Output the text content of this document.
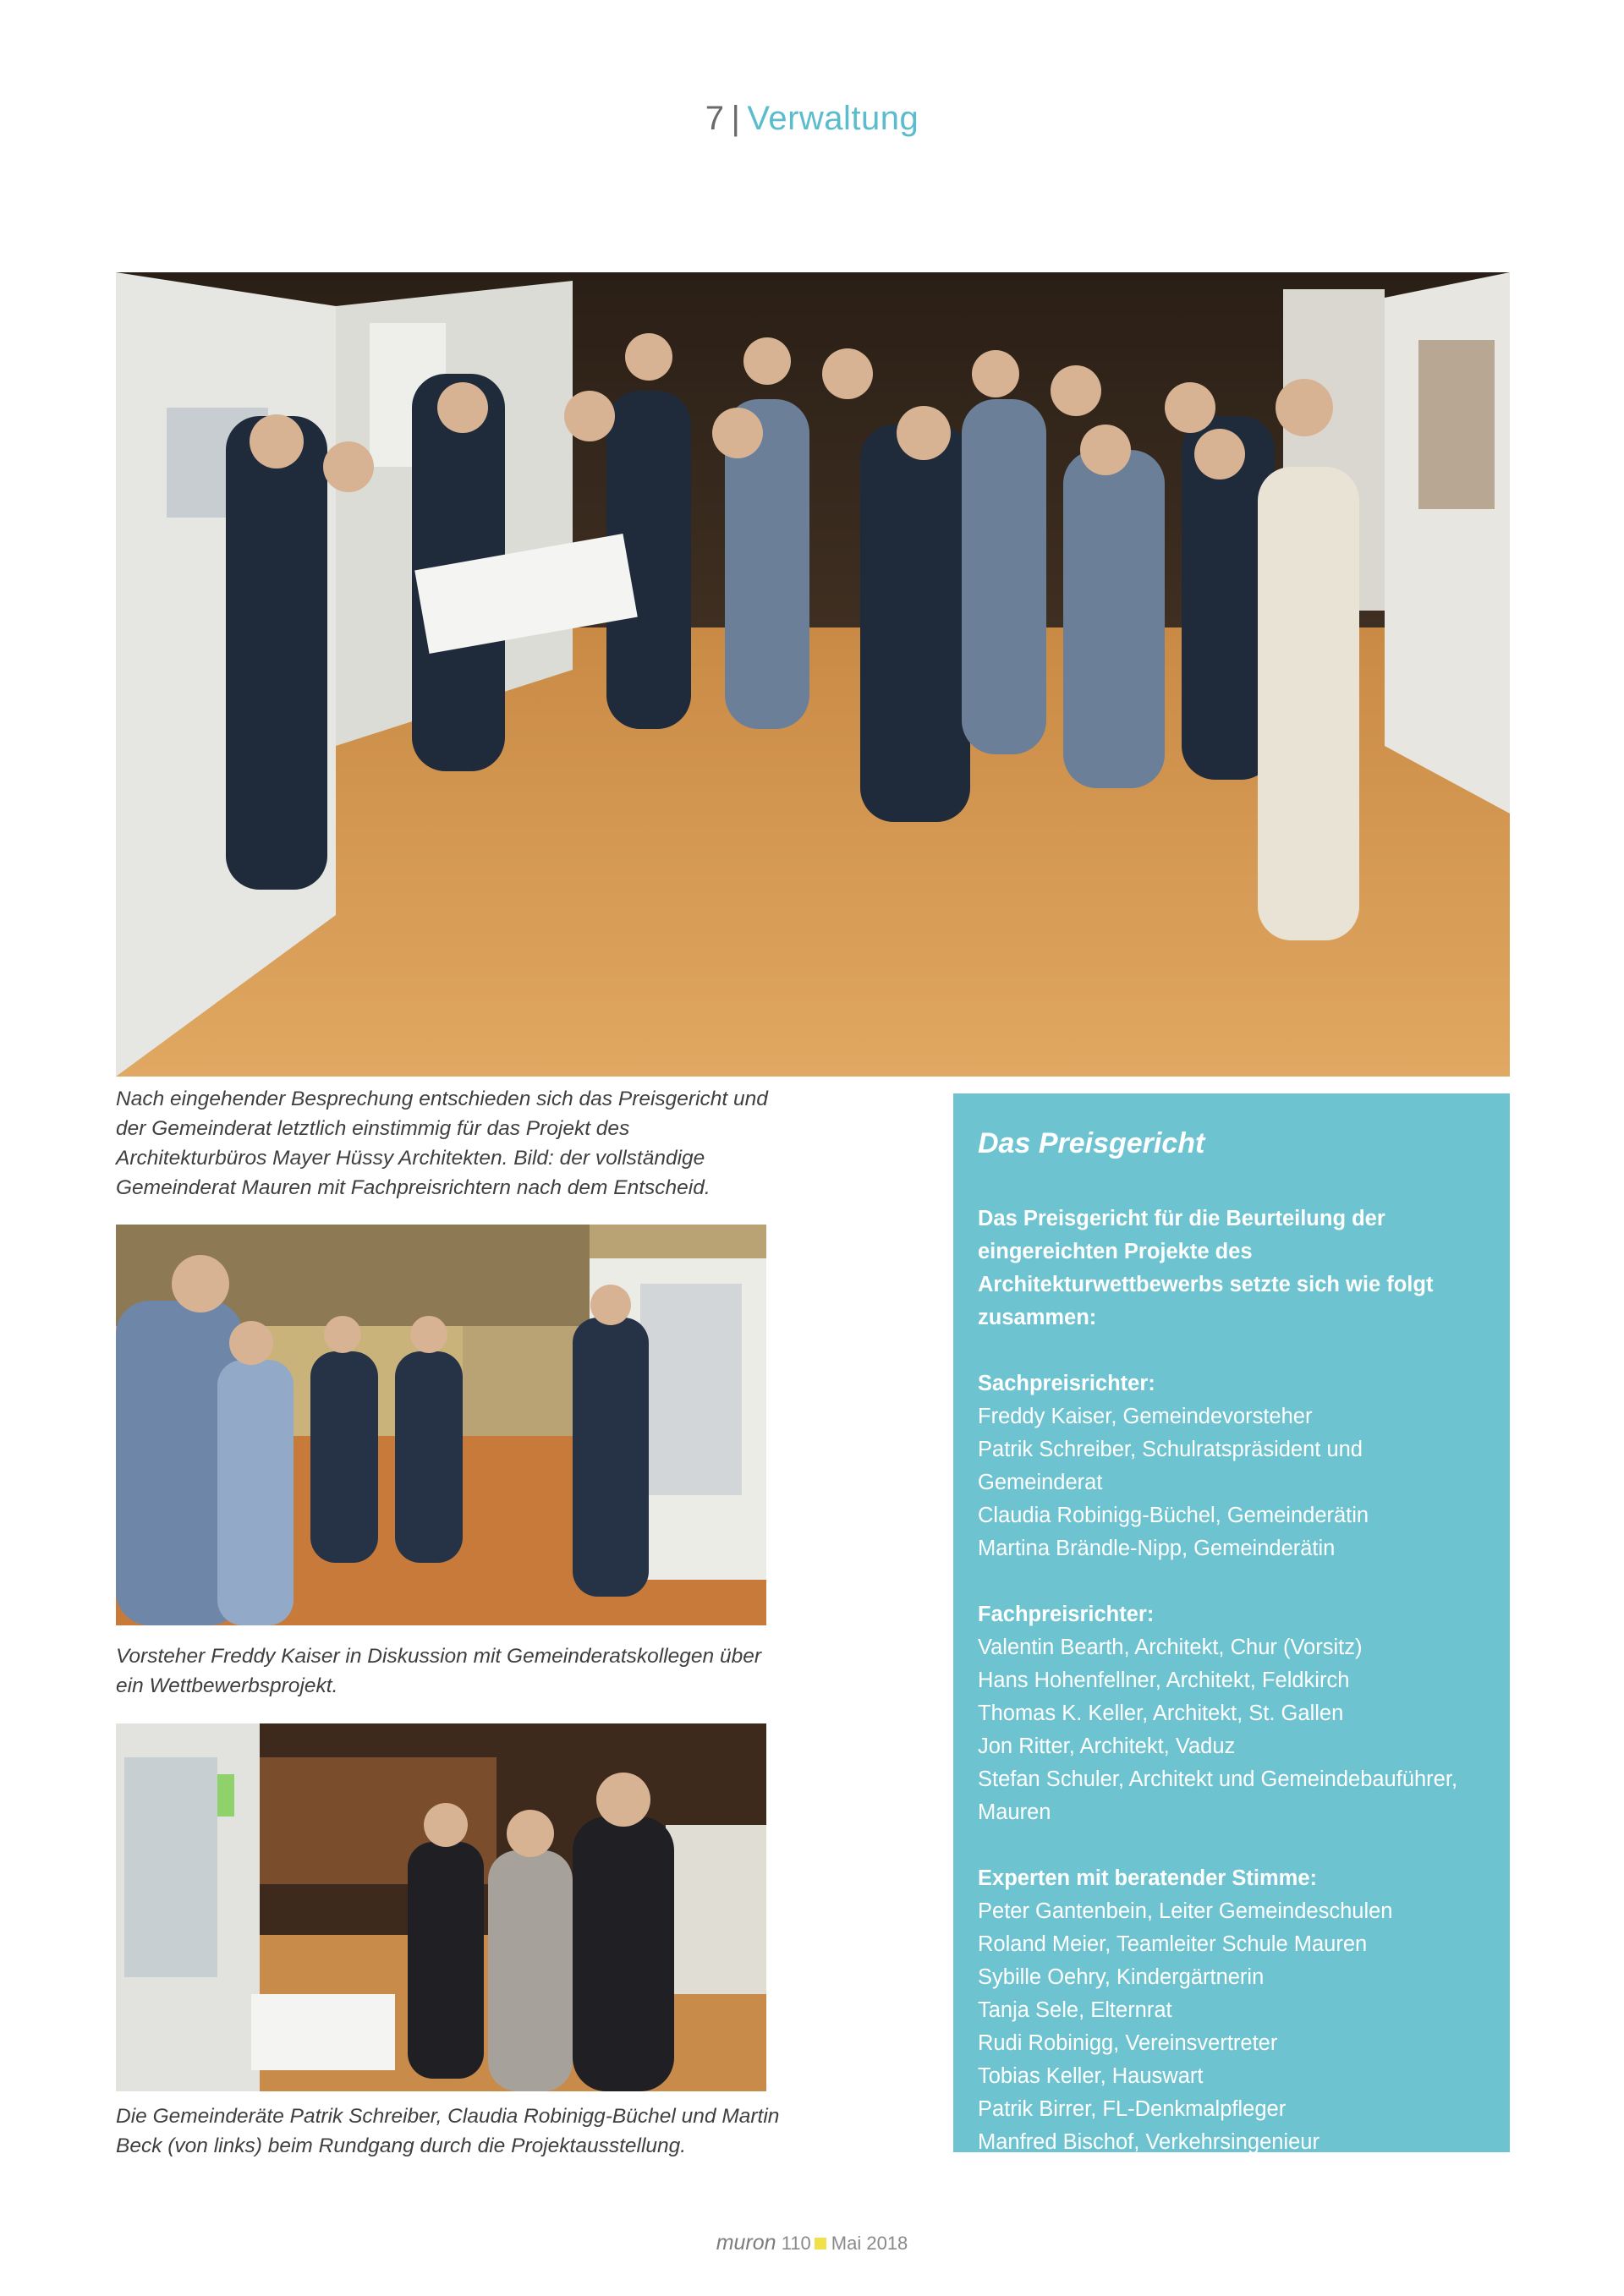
7 | Verwaltung

Nach eingehender Besprechung entschieden sich das Preisgericht und der Gemeinderat letztlich einstimmig für das Projekt des Architekturbüros Mayer Hüssy Architekten. Bild: der vollständige Gemeinderat Mauren mit Fachpreisrichtern nach dem Entscheid.

Vorsteher Freddy Kaiser in Diskussion mit Gemeinderatskollegen über ein Wettbewerbsprojekt.

Die Gemeinderäte Patrik Schreiber, Claudia Robinigg-Büchel und Martin Beck (von links) beim Rundgang durch die Projektausstellung.

Das Preisgericht

Das Preisgericht für die Beurteilung der eingereichten Projekte des Architekturwettbewerbs setzte sich wie folgt zusammen:

Sachpreisrichter:

Freddy Kaiser, Gemeindevorsteher
Patrik Schreiber, Schulratspräsident und Gemeinderat
Claudia Robinigg-Büchel, Gemeinderätin
Martina Brändle-Nipp, Gemeinderätin

Fachpreisrichter:

Valentin Bearth, Architekt, Chur (Vorsitz)
Hans Hohenfellner, Architekt, Feldkirch
Thomas K. Keller, Architekt, St. Gallen
Jon Ritter, Architekt, Vaduz
Stefan Schuler, Architekt und Gemeindebauführer, Mauren

Experten mit beratender Stimme:

Peter Gantenbein, Leiter Gemeindeschulen
Roland Meier, Teamleiter Schule Mauren
Sybille Oehry, Kindergärtnerin
Tanja Sele, Elternrat
Rudi Robinigg, Vereinsvertreter
Tobias Keller, Hauswart
Patrik Birrer, FL-Denkmalpfleger
Manfred Bischof, Verkehrsingenieur
muron 110 Mai 2018
